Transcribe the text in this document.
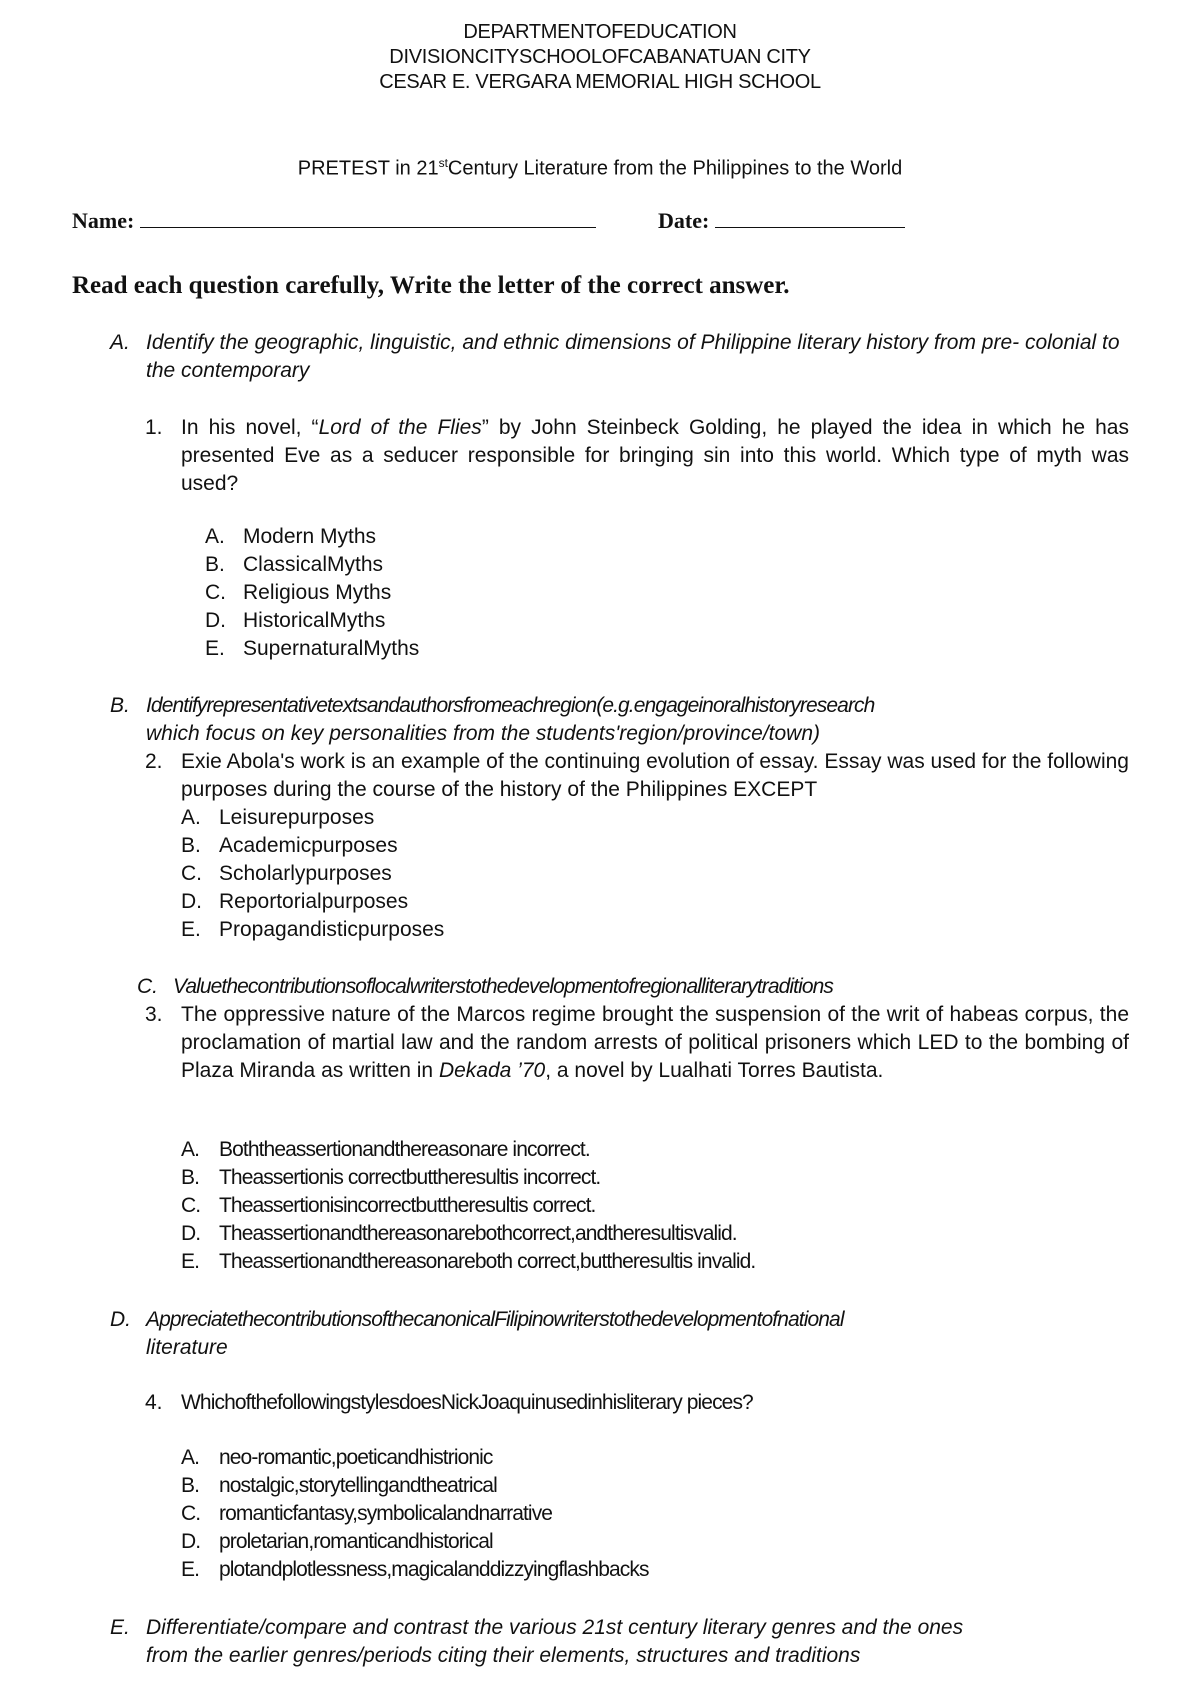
DEPARTMENTOFEDUCATION
DIVISIONCITYSCHOOLOFCABANATUAN CITY
CESAR E. VERGARA MEMORIAL HIGH SCHOOL
PRETEST in 21stCentury Literature from the Philippines to the World
Name:	Date:
Read each question carefully, Write the letter of the correct answer.
A. Identify the geographic, linguistic, and ethnic dimensions of Philippine literary history from pre- colonial to the contemporary
1. In his novel, “Lord of the Flies” by John Steinbeck Golding, he played the idea in which he has presented Eve as a seducer responsible for bringing sin into this world. Which type of myth was used?
A. Modern Myths
B. ClassicalMyths
C. Religious Myths
D. HistoricalMyths
E. SupernaturalMyths
B. Identifyrepresentativetextsandauthorsfromeachregion(e.g.engageinoralhistoryresearch
which focus on key personalities from the students'region/province/town)
2. Exie Abola's work is an example of the continuing evolution of essay. Essay was used for the following purposes during the course of the history of the Philippines EXCEPT
A. Leisurepurposes
B. Academicpurposes
C. Scholarlypurposes
D. Reportorialpurposes
E. Propagandisticpurposes
C. Valuethecontributionsoflocalwriterstothedevelopmentofregionalliterarytraditions
3. The oppressive nature of the Marcos regime brought the suspension of the writ of habeas corpus, the proclamation of martial law and the random arrests of political prisoners which LED to the bombing of Plaza Miranda as written in Dekada ’70, a novel by Lualhati Torres Bautista.
A. Boththeassertionandthereasonare incorrect.
B. Theassertionis correctbuttheresultis incorrect.
C. Theassertionisincorrectbuttheresultis correct.
D. Theassertionandthereasonarebothcorrect,andtheresultisvalid.
E. Theassertionandthereasonareboth correct,buttheresultis invalid.
D. AppreciatethecontributionsofthecanonicalFilipinowriterstothedevelopmentofnational
literature
4. WhichofthefollowingstylesdoesNickJoaquinusedinhisliterary pieces?
A. neo-romantic,poeticandhistrionic
B. nostalgic,storytellingandtheatrical
C. romanticfantasy,symbolicalandnarrative
D. proletarian,romanticandhistorical
E. plotandplotlessness,magicalanddizzyingflashbacks
E. Differentiate/compare and contrast the various 21st century literary genres and the ones
from the earlier genres/periods citing their elements, structures and traditions
